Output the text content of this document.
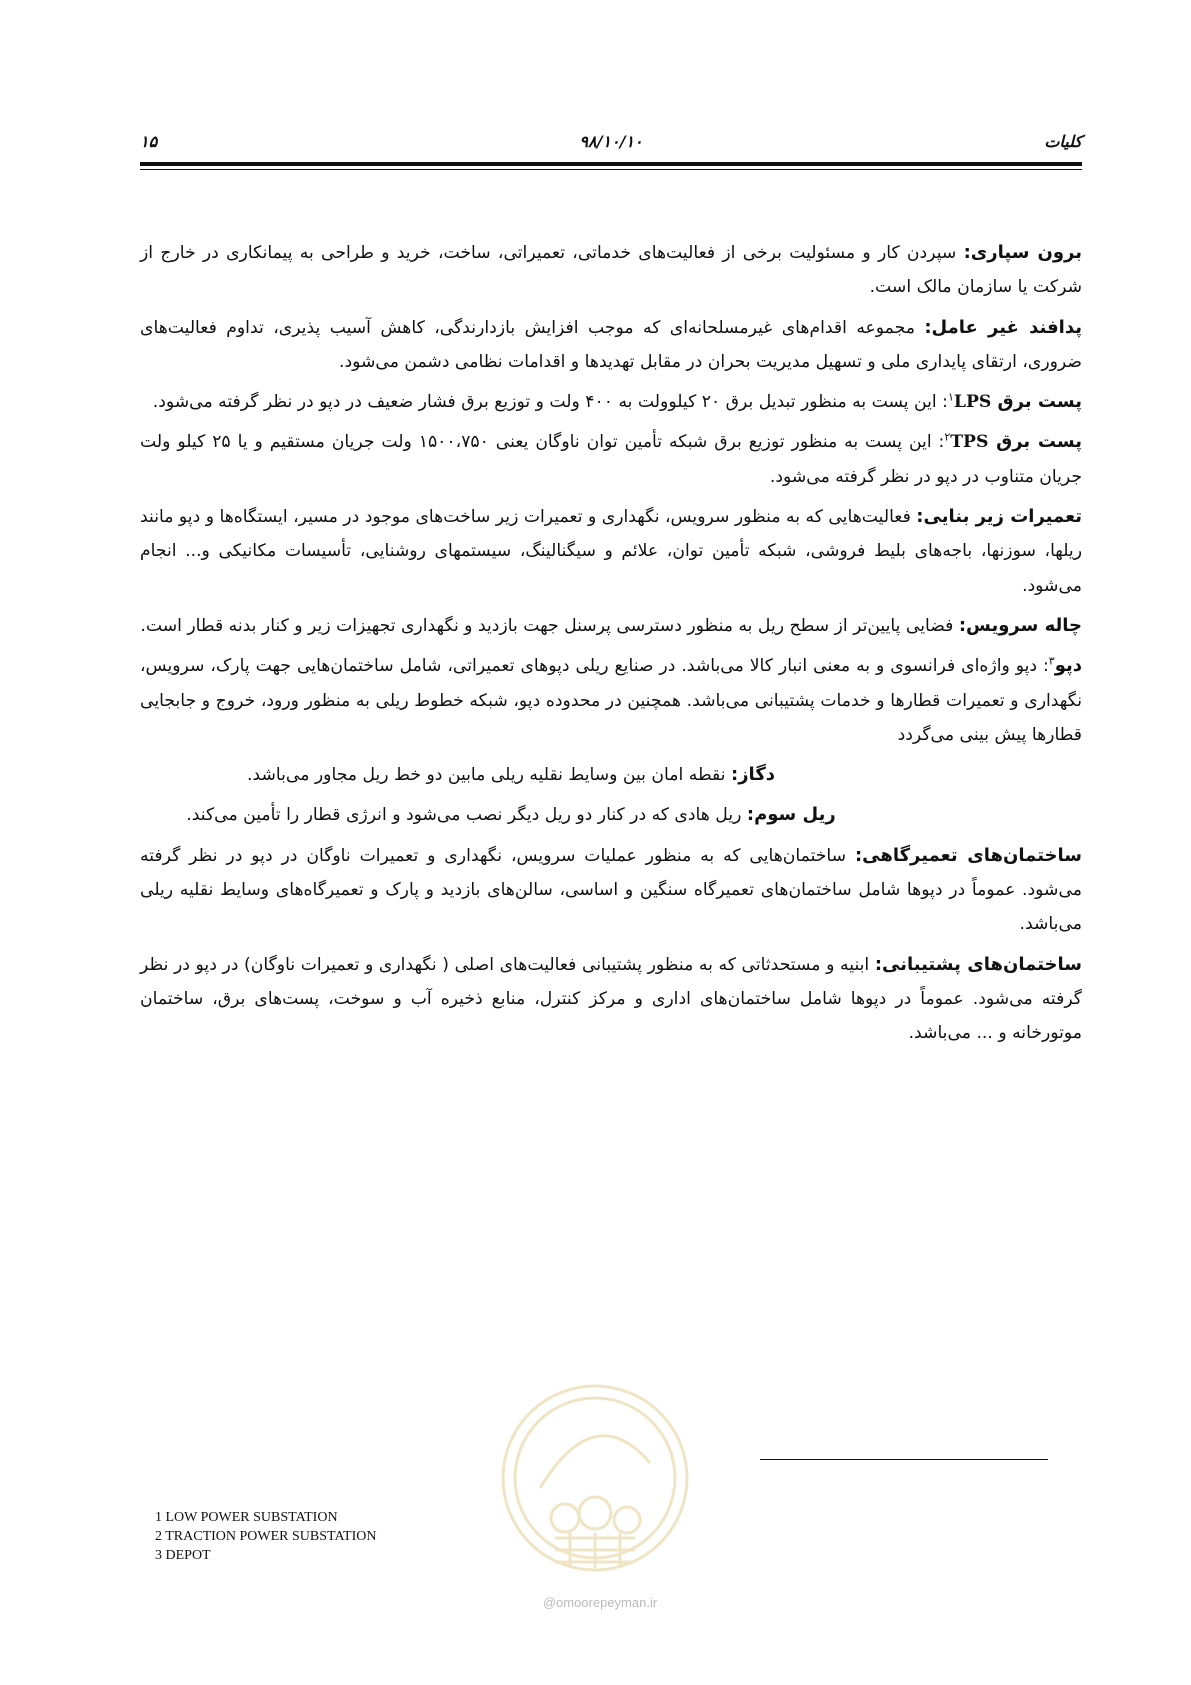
کلیات
۹۸/۱۰/۱۰
۱۵

برون سپاری: سپردن کار و مسئولیت برخی از فعالیت‌های خدماتی، تعمیراتی، ساخت، خرید و طراحی به پیمانکاری در خارج از شرکت یا سازمان مالک است.

پدافند غیر عامل: مجموعه اقدام‌های غیرمسلحانه‌ای که موجب افزایش بازدارندگی، کاهش آسیب پذیری، تداوم فعالیت‌های ضروری، ارتقای پایداری ملی و تسهیل مدیریت بحران در مقابل تهدیدها و اقدامات نظامی دشمن می‌شود.

پست برق LPS$^۱$: این پست به منظور تبدیل برق ۲۰ کیلوولت به ۴۰۰ ولت و توزیع برق فشار ضعیف در دپو در نظر گرفته می‌شود.

پست برق TPS$^۲$: این پست به منظور توزیع برق شبکه تأمین توان ناوگان یعنی ۱۵۰۰،۷۵۰ ولت جریان مستقیم و یا ۲۵ کیلو ولت جریان متناوب در دپو در نظر گرفته می‌شود.

تعمیرات زیر بنایی: فعالیت‌هایی که به منظور سرویس، نگهداری و تعمیرات زیر ساخت‌های موجود در مسیر، ایستگاه‌ها و دپو مانند ریلها، سوزنها، باجه‌های بلیط فروشی، شبکه تأمین توان، علائم و سیگنالینگ، سیستمهای روشنایی، تأسیسات مکانیکی و... انجام می‌شود.

چاله سرویس: فضایی پایین‌تر از سطح ریل به منظور دسترسی پرسنل جهت بازدید و نگهداری تجهیزات زیر و کنار بدنه قطار است.

دپو$^۳$: دپو واژه‌ای فرانسوی و به معنی انبار کالا می‌باشد. در صنایع ریلی دپوهای تعمیراتی، شامل ساختمان‌هایی جهت پارک، سرویس، نگهداری و تعمیرات قطارها و خدمات پشتیبانی می‌باشد. همچنین در محدوده دپو، شبکه خطوط ریلی به منظور ورود، خروج و جابجایی قطارها پیش بینی می‌گردد

دگاز: نقطه امان بین وسایط نقلیه ریلی مابین دو خط ریل مجاور می‌باشد.

ریل سوم: ریل هادی که در کنار دو ریل دیگر نصب می‌شود و انرژی قطار را تأمین می‌کند.

ساختمان‌های تعمیرگاهی: ساختمان‌هایی که به منظور عملیات سرویس، نگهداری و تعمیرات ناوگان در دپو در نظر گرفته می‌شود. عموماً در دپوها شامل ساختمان‌های تعمیرگاه سنگین و اساسی، سالن‌های بازدید و پارک و تعمیرگاه‌های وسایط نقلیه ریلی می‌باشد.

ساختمان‌های پشتیبانی: ابنیه و مستحدثاتی که به منظور پشتیبانی فعالیت‌های اصلی ( نگهداری و تعمیرات ناوگان) در دپو در نظر گرفته می‌شود. عموماً در دپوها شامل ساختمان‌های اداری و مرکز کنترل، منابع ذخیره آب و سوخت، پست‌های برق، ساختمان موتورخانه و ... می‌باشد.

@omoorepeyman.ir
1 LOW POWER SUBSTATION
2 TRACTION POWER SUBSTATION
3 DEPOT
